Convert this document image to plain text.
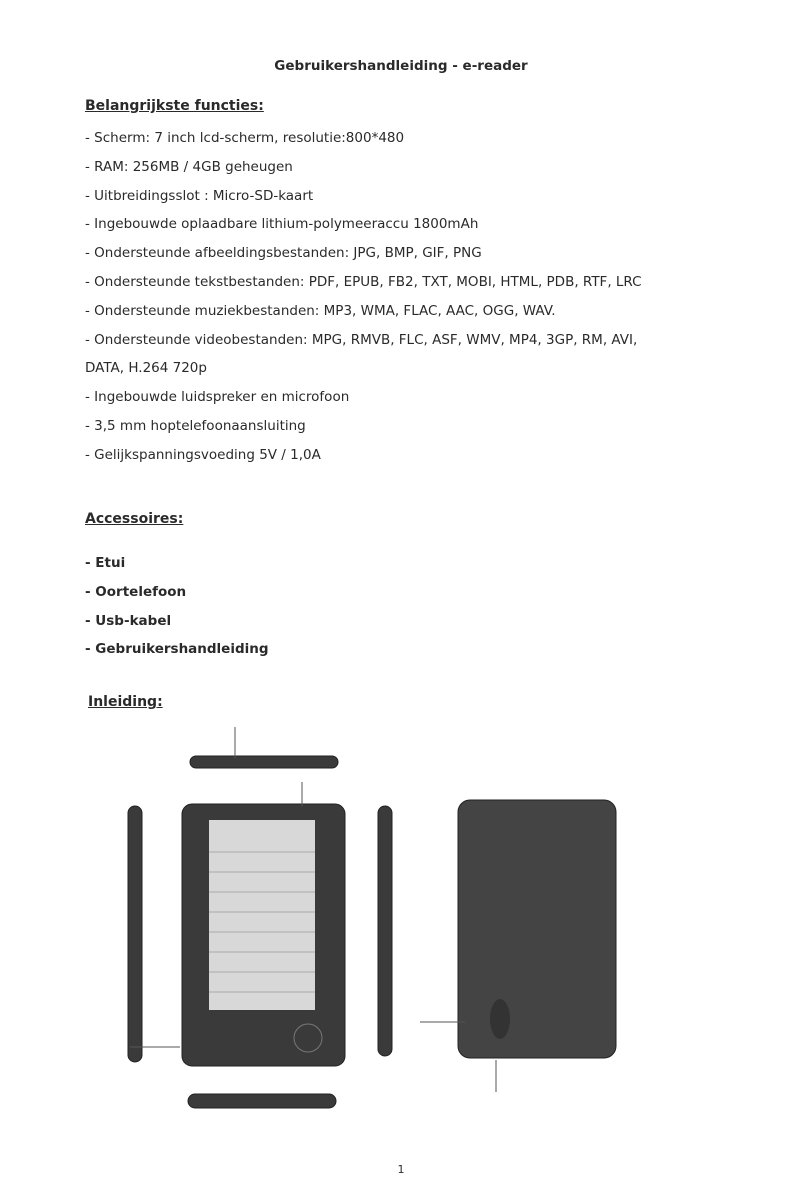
Gebruikershandleiding - e-reader
Belangrijkste functies:
- Scherm: 7 inch lcd-scherm, resolutie:800*480
- RAM: 256MB / 4GB geheugen
- Uitbreidingsslot : Micro-SD-kaart
- Ingebouwde oplaadbare lithium-polymeeraccu 1800mAh
- Ondersteunde afbeeldingsbestanden: JPG, BMP, GIF, PNG
- Ondersteunde tekstbestanden: PDF, EPUB, FB2, TXT, MOBI, HTML, PDB, RTF, LRC
- Ondersteunde muziekbestanden: MP3, WMA, FLAC, AAC, OGG, WAV.
- Ondersteunde videobestanden: MPG, RMVB, FLC, ASF, WMV, MP4, 3GP, RM, AVI,
DATA, H.264 720p
- Ingebouwde luidspreker en microfoon
- 3,5 mm hoptelefoonaansluiting
- Gelijkspanningsvoeding 5V / 1,0A
Accessoires:
- Etui
- Oortelefoon
- Usb-kabel
- Gebruikershandleiding
Inleiding:
1
